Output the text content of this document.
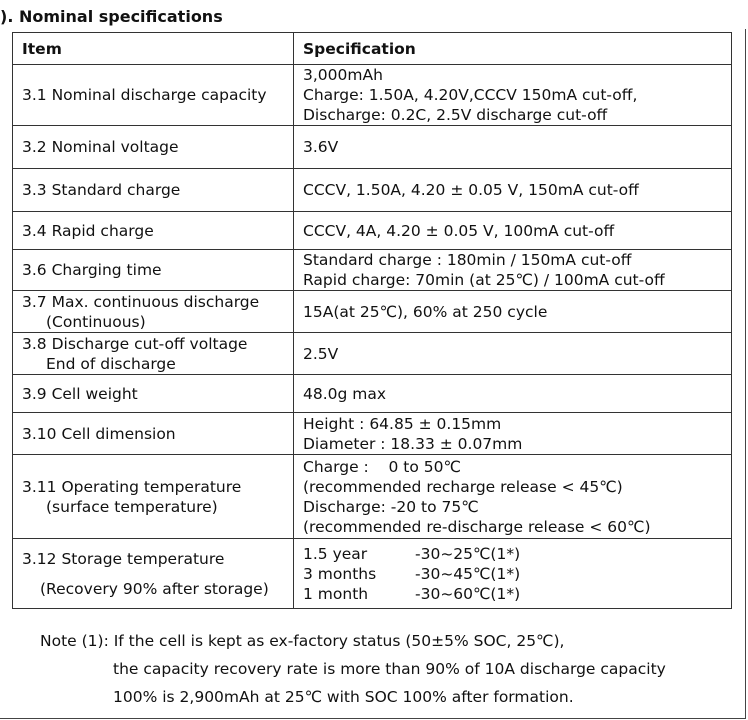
). Nominal specifications
Item	Specification

3.1 Nominal discharge capacity	3,000mAh
Charge: 1.50A, 4.20V,CCCV 150mA cut-off,
Discharge: 0.2C, 2.5V discharge cut-off

3.2 Nominal voltage	3.6V

3.3 Standard charge	CCCV, 1.50A, 4.20 ± 0.05 V, 150mA cut-off

3.4 Rapid charge	CCCV, 4A, 4.20 ± 0.05 V, 100mA cut-off

3.6 Charging time	Standard charge : 180min / 150mA cut-off
Rapid charge: 70min (at 25℃) / 100mA cut-off

3.7 Max. continuous discharge
(Continuous)	15A(at 25℃), 60% at 250 cycle

3.8 Discharge cut-off voltage
End of discharge	2.5V

3.9 Cell weight	48.0g max

3.10 Cell dimension	Height : 64.85 ± 0.15mm
Diameter : 18.33 ± 0.07mm

3.11 Operating temperature
(surface temperature)	Charge :    0 to 50℃
(recommended recharge release < 45℃)
Discharge: -20 to 75℃
(recommended re-discharge release < 60℃)

3.12 Storage temperature
(Recovery 90% after storage)	1.5 year -30~25℃(1*)
3 months -30~45℃(1*)
1 month -30~60℃(1*)
Note (1): If the cell is kept as ex-factory status (50±5% SOC, 25℃),
the capacity recovery rate is more than 90% of 10A discharge capacity
100% is 2,900mAh at 25℃ with SOC 100% after formation.
